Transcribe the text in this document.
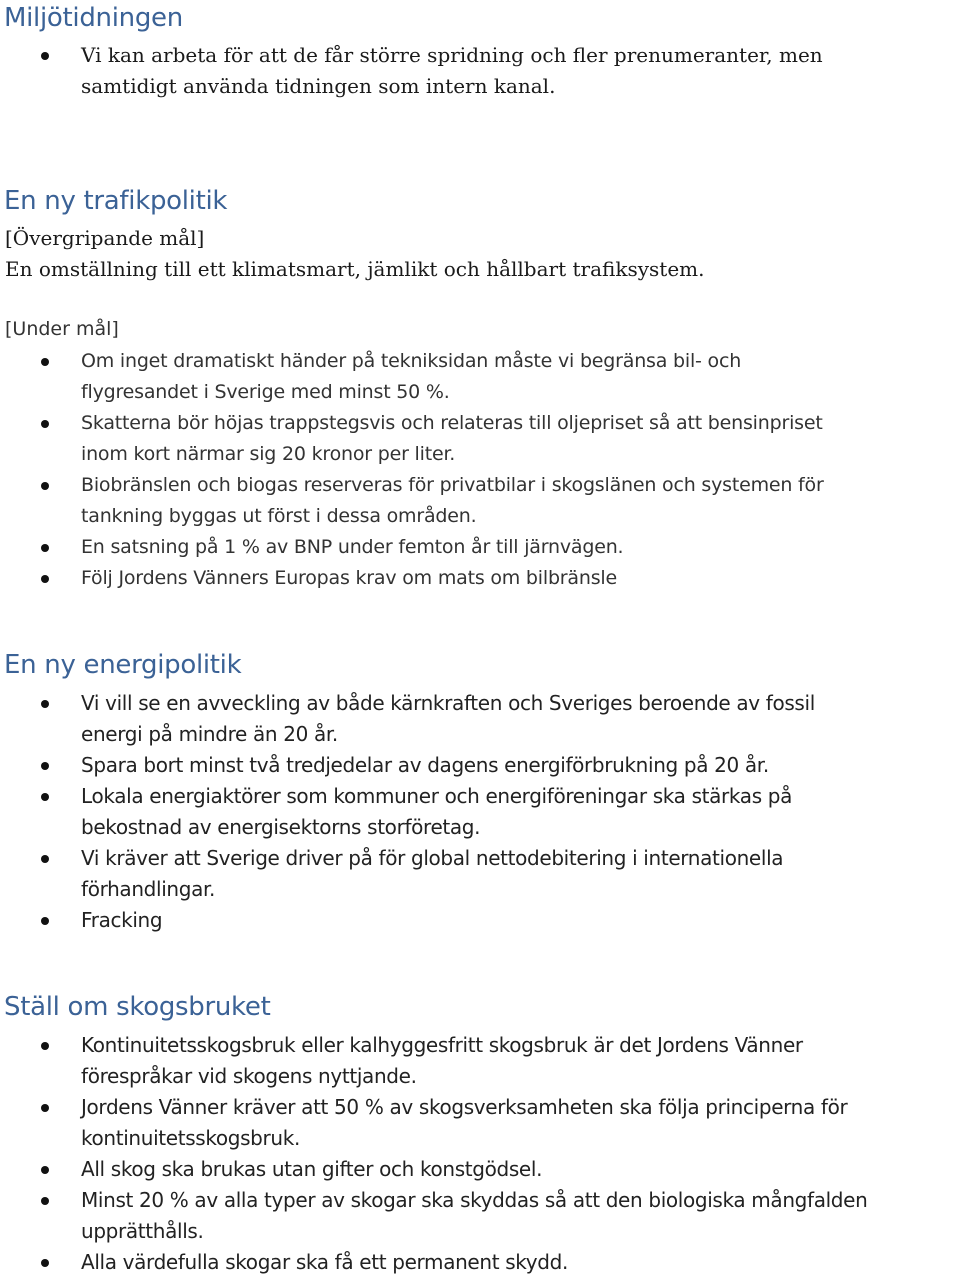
Miljötidningen
Vi kan arbeta för att de får större spridning och fler prenumeranter, men
samtidigt använda tidningen som intern kanal.
En ny trafikpolitik

[Övergripande mål]

En omställning till ett klimatsmart, jämlikt och hållbart trafiksystem.

[Under mål]

Om inget dramatiskt händer på tekniksidan måste vi begränsa bil- och
flygresandet i Sverige med minst 50 %.
Skatterna bör höjas trappstegsvis och relateras till oljepriset så att bensinpriset
inom kort närmar sig 20 kronor per liter.
Biobränslen och biogas reserveras för privatbilar i skogslänen och systemen för
tankning byggas ut först i dessa områden.
En satsning på 1 % av BNP under femton år till järnvägen.
Följ Jordens Vänners Europas krav om mats om bilbränsle
En ny energipolitik
Vi vill se en avveckling av både kärnkraften och Sveriges beroende av fossil
energi på mindre än 20 år.
Spara bort minst två tredjedelar av dagens energiförbrukning på 20 år.
Lokala energiaktörer som kommuner och energiföreningar ska stärkas på
bekostnad av energisektorns storföretag.
Vi kräver att Sverige driver på för global nettodebitering i internationella
förhandlingar.
Fracking
Ställ om skogsbruket
Kontinuitetsskogsbruk eller kalhyggesfritt skogsbruk är det Jordens Vänner
förespråkar vid skogens nyttjande.
Jordens Vänner kräver att 50 % av skogsverksamheten ska följa principerna för
kontinuitetsskogsbruk.
All skog ska brukas utan gifter och konstgödsel.
Minst 20 % av alla typer av skogar ska skyddas så att den biologiska mångfalden
upprätthålls.
Alla värdefulla skogar ska få ett permanent skydd.
